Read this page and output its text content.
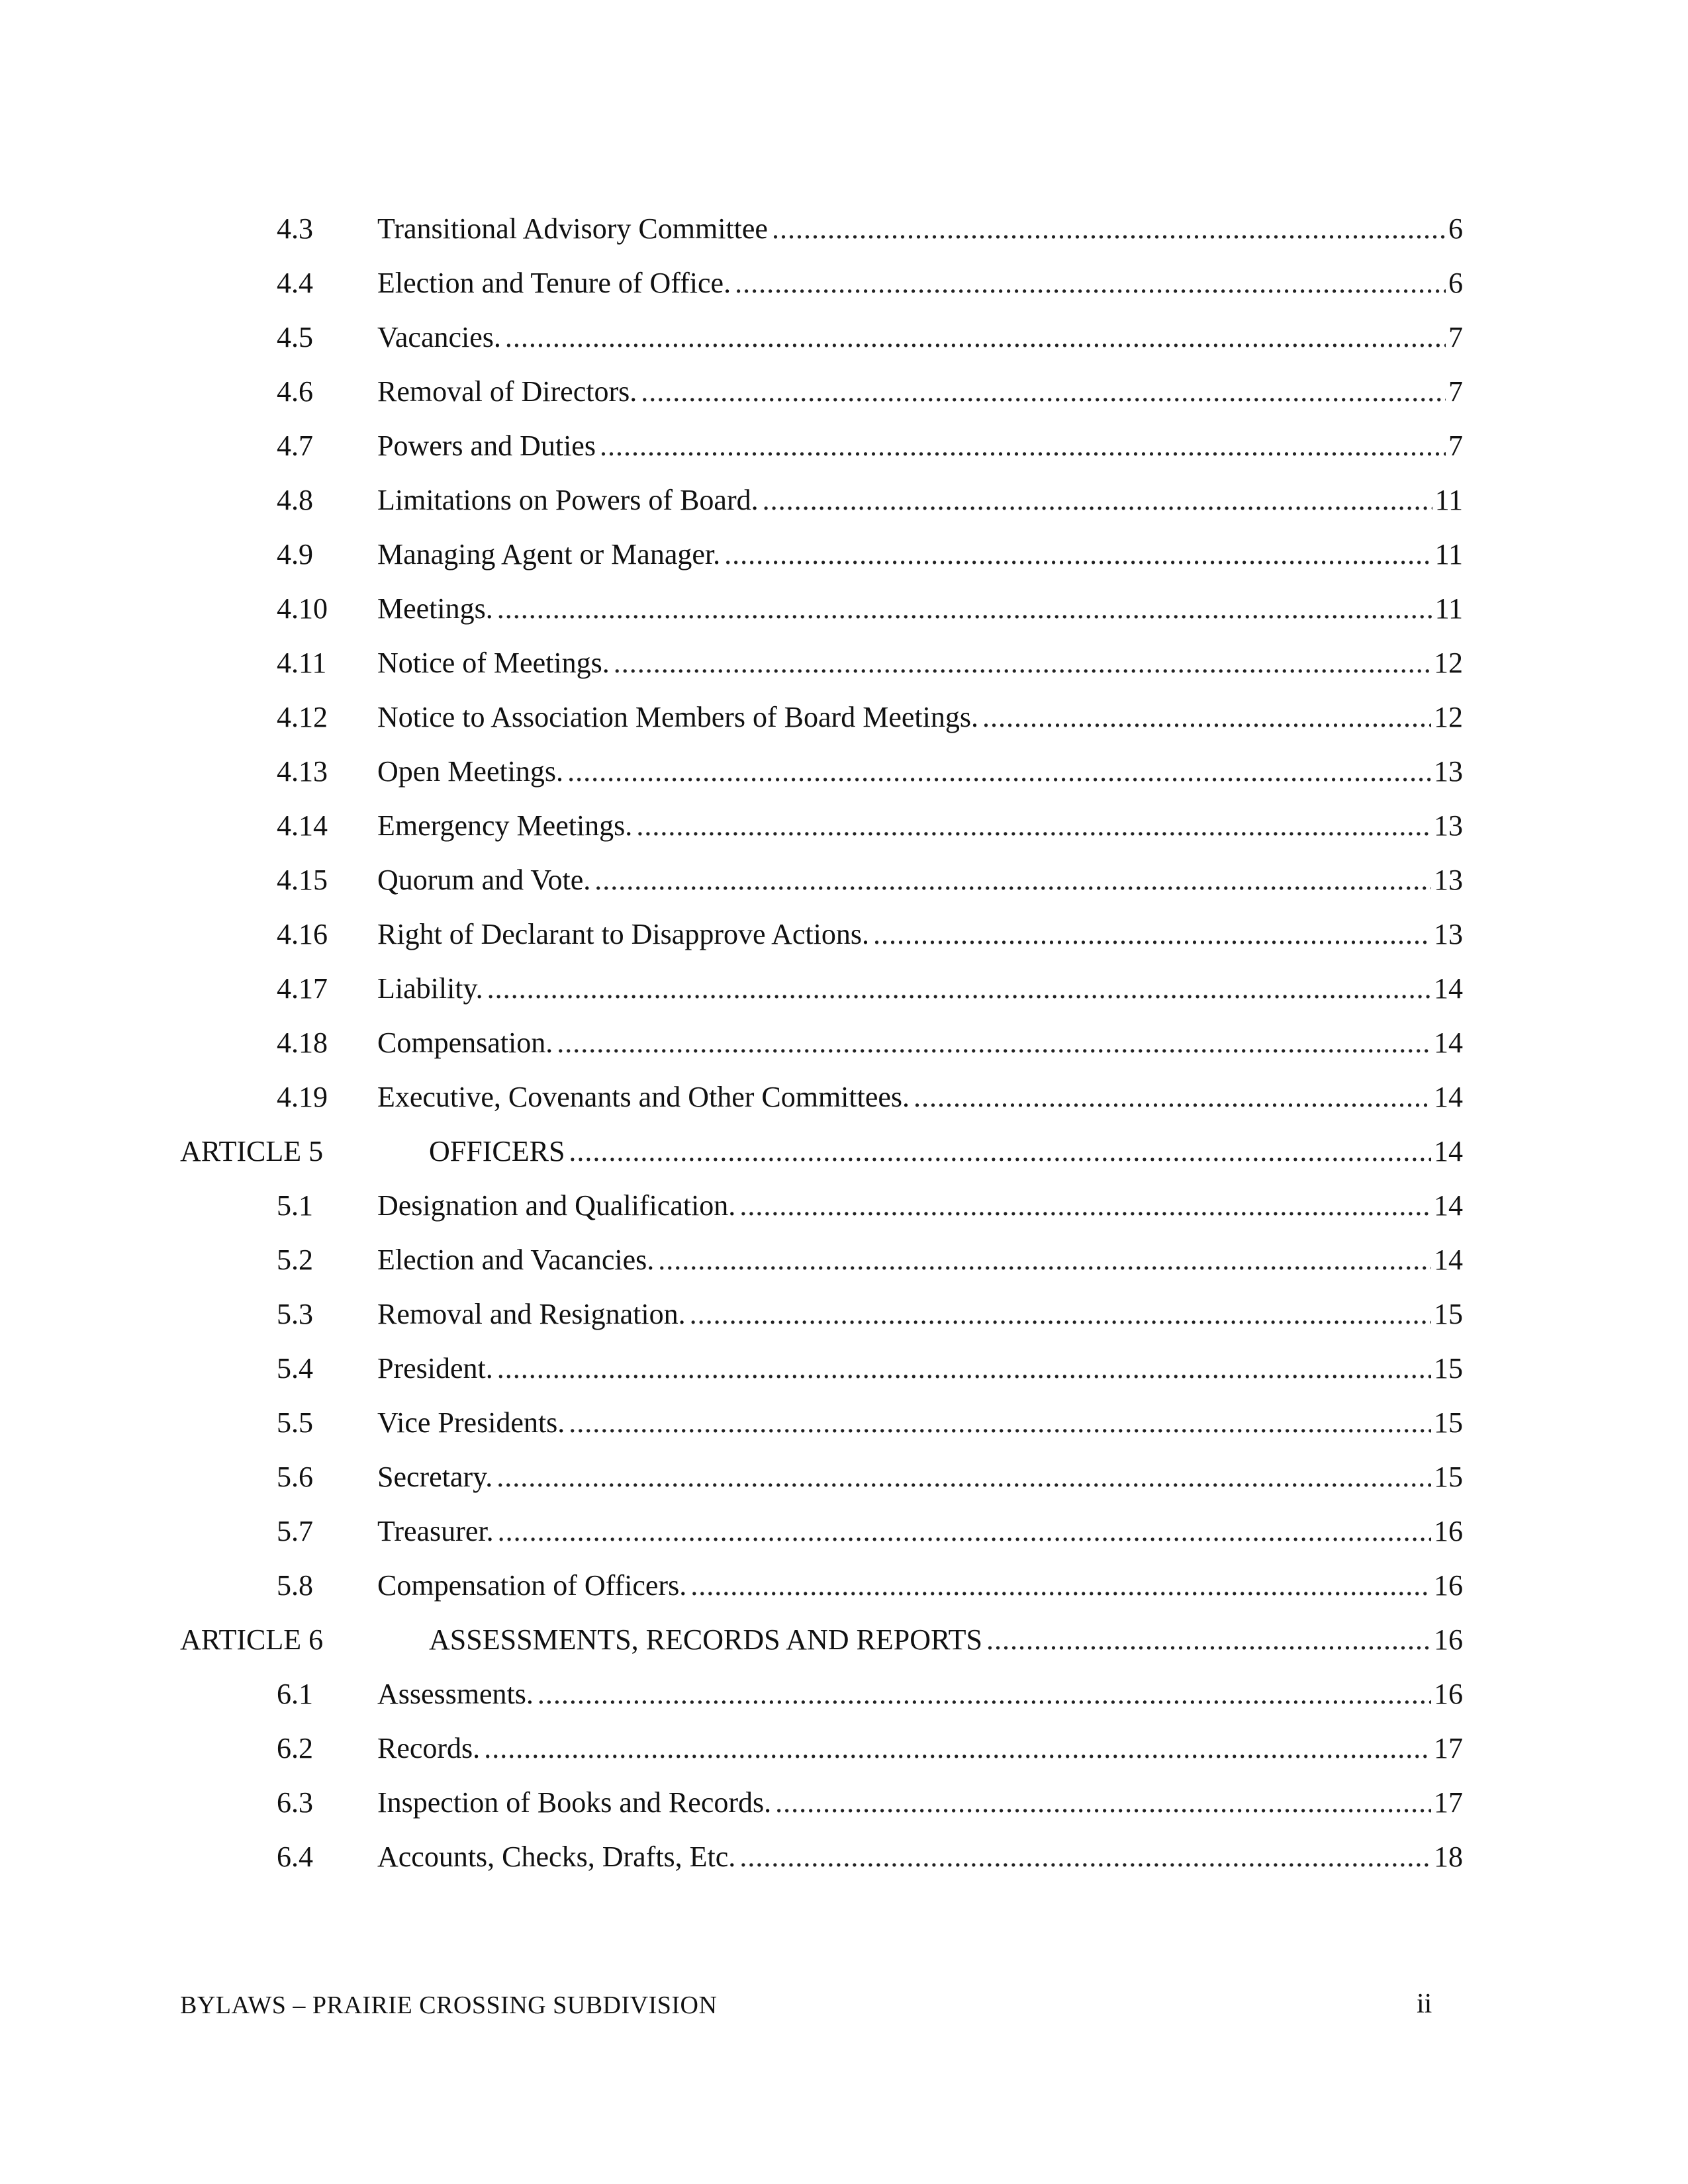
4.3 Transitional Advisory Committee .....	6
4.4 Election and Tenure of Office. .....	6
4.5 Vacancies. .....	7
4.6 Removal of Directors. .....	7
4.7 Powers and Duties .....	7
4.8 Limitations on Powers of Board. .....	11
4.9 Managing Agent or Manager. .....	11
4.10 Meetings. .....	11
4.11 Notice of Meetings. .....	12
4.12 Notice to Association Members of Board Meetings. .....	12
4.13 Open Meetings. .....	13
4.14 Emergency Meetings. .....	13
4.15 Quorum and Vote. .....	13
4.16 Right of Declarant to Disapprove Actions. .....	13
4.17 Liability. .....	14
4.18 Compensation. .....	14
4.19 Executive, Covenants and Other Committees. .....	14
ARTICLE 5	OFFICERS .....	14
5.1 Designation and Qualification. .....	14
5.2 Election and Vacancies. .....	14
5.3 Removal and Resignation. .....	15
5.4 President. .....	15
5.5 Vice Presidents. .....	15
5.6 Secretary. .....	15
5.7 Treasurer. .....	16
5.8 Compensation of Officers. .....	16
ARTICLE 6	ASSESSMENTS, RECORDS AND REPORTS .....	16
6.1 Assessments. .....	16
6.2 Records. .....	17
6.3 Inspection of Books and Records. .....	17
6.4 Accounts, Checks, Drafts, Etc. .....	18
BYLAWS – PRAIRIE CROSSING SUBDIVISION	ii
